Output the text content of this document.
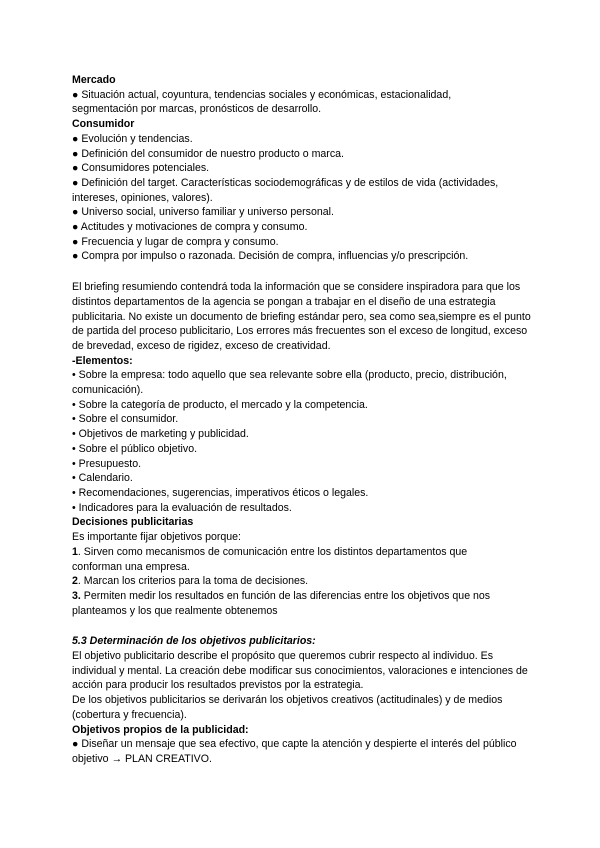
Mercado

● Situación actual, coyuntura, tendencias sociales y económicas, estacionalidad,

segmentación por marcas, pronósticos de desarrollo.

Consumidor

● Evolución y tendencias.

● Definición del consumidor de nuestro producto o marca.

● Consumidores potenciales.

● Definición del target. Características sociodemográficas y de estilos de vida (actividades, intereses, opiniones, valores).

● Universo social, universo familiar y universo personal.

● Actitudes y motivaciones de compra y consumo.

● Frecuencia y lugar de compra y consumo.

● Compra por impulso o razonada. Decisión de compra, influencias y/o prescripción.

El briefing resumiendo contendrá toda la información que se considere inspiradora para que los distintos departamentos de la agencia se pongan a trabajar en el diseño de una estrategia publicitaria. No existe un documento de briefing estándar pero, sea como sea,siempre es el punto de partida del proceso publicitario, Los errores más frecuentes son el exceso de longitud, exceso de brevedad, exceso de rigidez, exceso de creatividad.

-Elementos:

• Sobre la empresa: todo aquello que sea relevante sobre ella (producto, precio, distribución, comunicación).

• Sobre la categoría de producto, el mercado y la competencia.

• Sobre el consumidor.

• Objetivos de marketing y publicidad.

• Sobre el público objetivo.

• Presupuesto.

• Calendario.

• Recomendaciones, sugerencias, imperativos éticos o legales.

• Indicadores para la evaluación de resultados.

Decisiones publicitarias

Es importante fijar objetivos porque:

1. Sirven como mecanismos de comunicación entre los distintos departamentos que

conforman una empresa.

2. Marcan los criterios para la toma de decisiones.

3. Permiten medir los resultados en función de las diferencias entre los objetivos que nos

planteamos y los que realmente obtenemos

5.3 Determinación de los objetivos publicitarios:

El objetivo publicitario describe el propósito que queremos cubrir respecto al individuo. Es individual y mental. La creación debe modificar sus conocimientos, valoraciones e intenciones de acción para producir los resultados previstos por la estrategia.

De los objetivos publicitarios se derivarán los objetivos creativos (actitudinales) y de medios (cobertura y frecuencia).

Objetivos propios de la publicidad:

● Diseñar un mensaje que sea efectivo, que capte la atención y despierte el interés del público objetivo → PLAN CREATIVO.
